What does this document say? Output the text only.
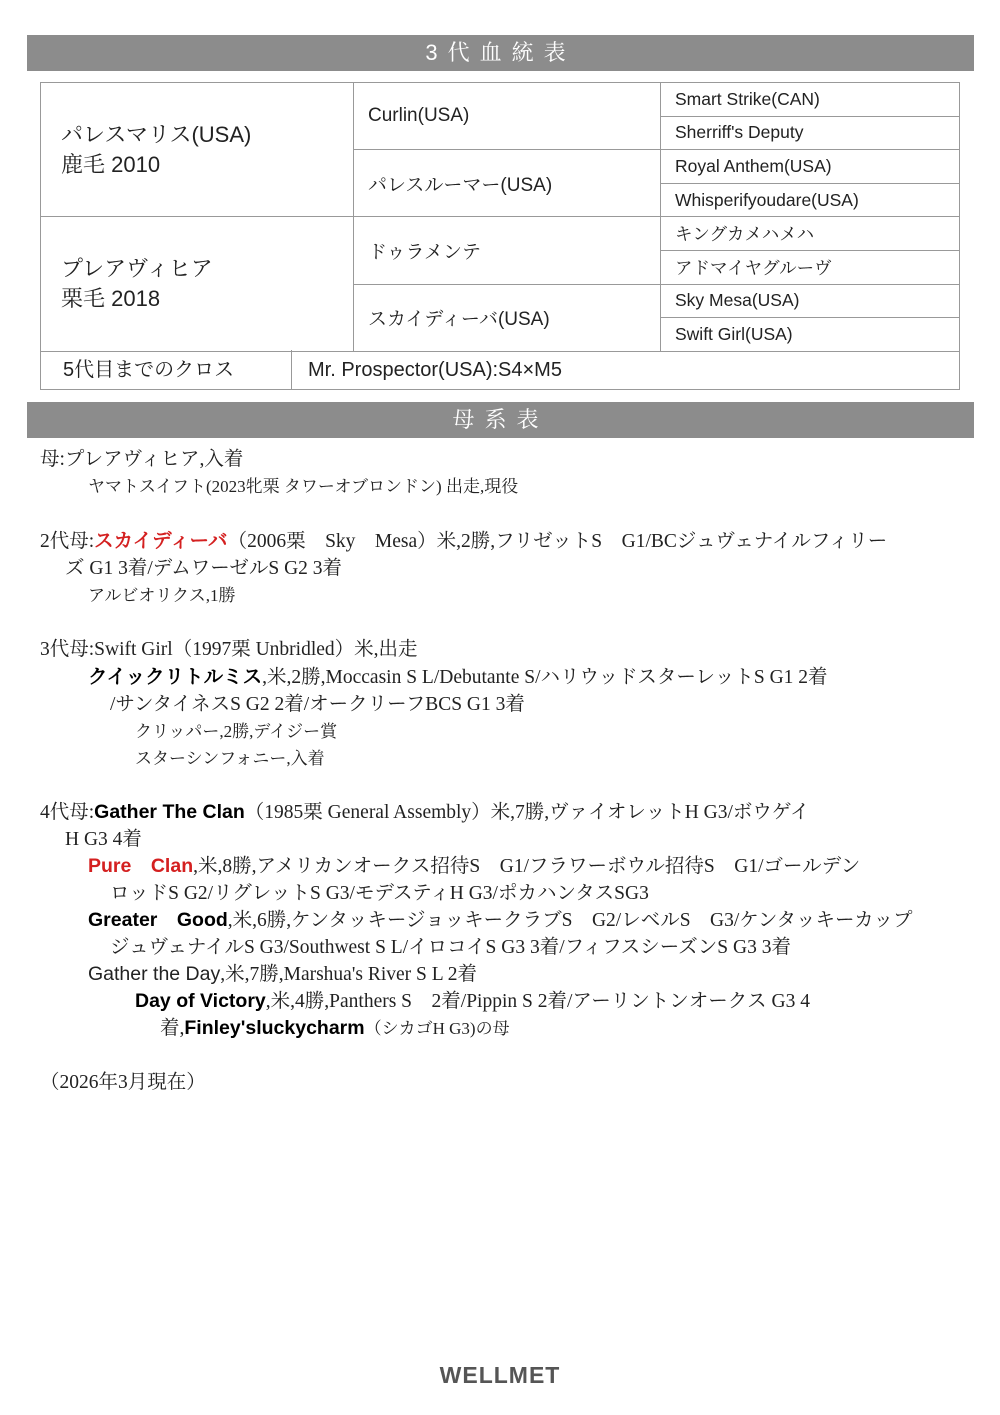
3代血統表
パレスマリス(USA)
鹿毛 2010	Curlin(USA)	Smart Strike(CAN)
		Sherriff's Deputy
	パレスルーマー(USA)	Royal Anthem(USA)
		Whisperifyoudare(USA)

プレアヴィヒア
栗毛 2018	ドゥラメンテ	キングカメハメハ
		アドマイヤグルーヴ
	スカイディーバ(USA)	Sky Mesa(USA)
		Swift Girl(USA)
5代目までのクロス	Mr. Prospector(USA):S4×M5
母系表
母:プレアヴィヒア,入着
ヤマトスイフト(2023牝栗 タワーオブロンドン) 出走,現役
2代母:スカイディーバ（2006栗　Sky　Mesa）米,2勝,フリゼットS　G1/BCジュヴェナイルフィリー
ズ G1 3着/デムワーゼルS G2 3着
アルビオリクス,1勝
3代母:Swift Girl（1997栗 Unbridled）米,出走
クイックリトルミス,米,2勝,Moccasin S L/Debutante S/ハリウッドスターレットS G1 2着
/サンタイネスS G2 2着/オークリーフBCS G1 3着
クリッパー,2勝,デイジー賞
スターシンフォニー,入着
4代母:Gather The Clan（1985栗 General Assembly）米,7勝,ヴァイオレットH G3/ボウゲイ
H G3 4着
Pure　Clan,米,8勝,アメリカンオークス招待S　G1/フラワーボウル招待S　G1/ゴールデン
ロッドS G2/リグレットS G3/モデスティH G3/ポカハンタスSG3
Greater　Good,米,6勝,ケンタッキージョッキークラブS　G2/レベルS　G3/ケンタッキーカップ
ジュヴェナイルS G3/Southwest S L/イロコイS G3 3着/フィフスシーズンS G3 3着
Gather the Day,米,7勝,Marshua's River S L 2着
Day of Victory,米,4勝,Panthers S　2着/Pippin S 2着/アーリントンオークス G3 4
着,Finley'sluckycharm（シカゴH G3)の母
（2026年3月現在）
WELLMET
